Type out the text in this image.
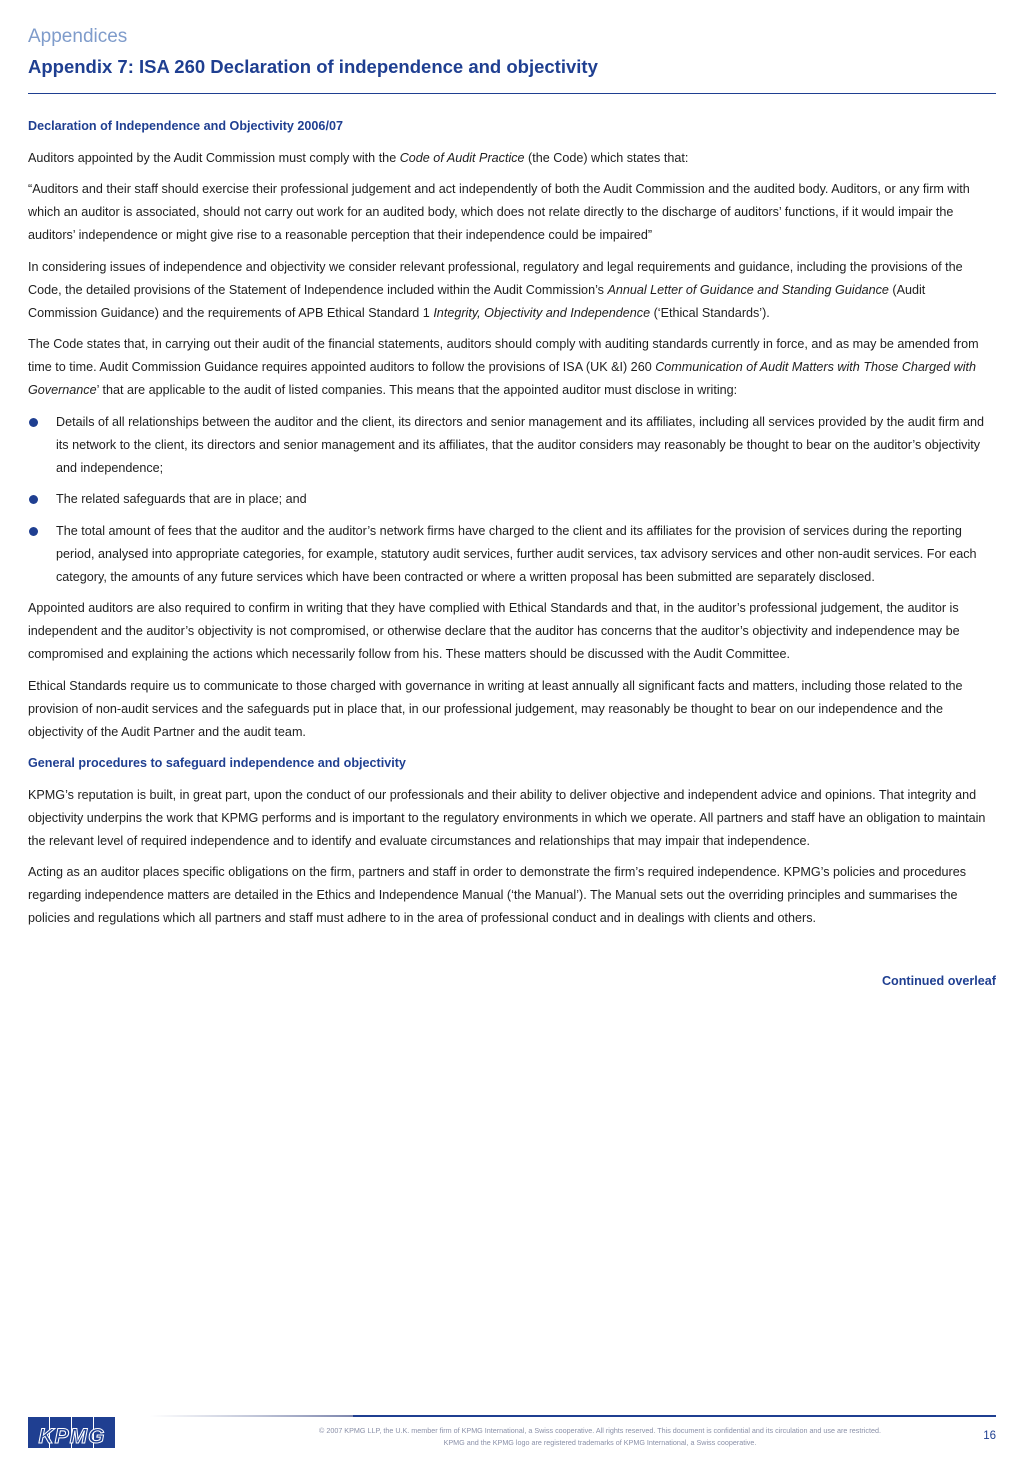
Appendices
Appendix 7: ISA 260 Declaration of independence and objectivity
Declaration of Independence and Objectivity 2006/07

Auditors appointed by the Audit Commission must comply with the Code of Audit Practice (the Code) which states that:

“Auditors and their staff should exercise their professional judgement and act independently of both the Audit Commission and the audited body. Auditors, or any firm with which an auditor is associated, should not carry out work for an audited body, which does not relate directly to the discharge of auditors’ functions, if it would impair the auditors’ independence or might give rise to a reasonable perception that their independence could be impaired”

In considering issues of independence and objectivity we consider relevant professional, regulatory and legal requirements and guidance, including the provisions of the Code, the detailed provisions of the Statement of Independence included within the Audit Commission’s Annual Letter of Guidance and Standing Guidance (Audit Commission Guidance) and the requirements of APB Ethical Standard 1 Integrity, Objectivity and Independence (‘Ethical Standards’).

The Code states that, in carrying out their audit of the financial statements, auditors should comply with auditing standards currently in force, and as may be amended from time to time. Audit Commission Guidance requires appointed auditors to follow the provisions of ISA (UK &I) 260 Communication of Audit Matters with Those Charged with Governance’ that are applicable to the audit of listed companies. This means that the appointed auditor must disclose in writing:

Details of all relationships between the auditor and the client, its directors and senior management and its affiliates, including all services provided by the audit firm and its network to the client, its directors and senior management and its affiliates, that the auditor considers may reasonably be thought to bear on the auditor’s objectivity and independence;
The related safeguards that are in place; and
The total amount of fees that the auditor and the auditor’s network firms have charged to the client and its affiliates for the provision of services during the reporting period, analysed into appropriate categories, for example, statutory audit services, further audit services, tax advisory services and other non-audit services. For each category, the amounts of any future services which have been contracted or where a written proposal has been submitted are separately disclosed.

Appointed auditors are also required to confirm in writing that they have complied with Ethical Standards and that, in the auditor’s professional judgement, the auditor is independent and the auditor’s objectivity is not compromised, or otherwise declare that the auditor has concerns that the auditor’s objectivity and independence may be compromised and explaining the actions which necessarily follow from his. These matters should be discussed with the Audit Committee.

Ethical Standards require us to communicate to those charged with governance in writing at least annually all significant facts and matters, including those related to the provision of non-audit services and the safeguards put in place that, in our professional judgement, may reasonably be thought to bear on our independence and the objectivity of the Audit Partner and the audit team.

General procedures to safeguard independence and objectivity

KPMG’s reputation is built, in great part, upon the conduct of our professionals and their ability to deliver objective and independent advice and opinions. That integrity and objectivity underpins the work that KPMG performs and is important to the regulatory environments in which we operate. All partners and staff have an obligation to maintain the relevant level of required independence and to identify and evaluate circumstances and relationships that may impair that independence.

Acting as an auditor places specific obligations on the firm, partners and staff in order to demonstrate the firm’s required independence. KPMG’s policies and procedures regarding independence matters are detailed in the Ethics and Independence Manual (‘the Manual’). The Manual sets out the overriding principles and summarises the policies and regulations which all partners and staff must adhere to in the area of professional conduct and in dealings with clients and others.

Continued overleaf
KPMG	© 2007 KPMG LLP, the U.K. member firm of KPMG International, a Swiss cooperative. All rights reserved. This document is confidential and its circulation and use are restricted.
KPMG and the KPMG logo are registered trademarks of KPMG International, a Swiss cooperative.
16
